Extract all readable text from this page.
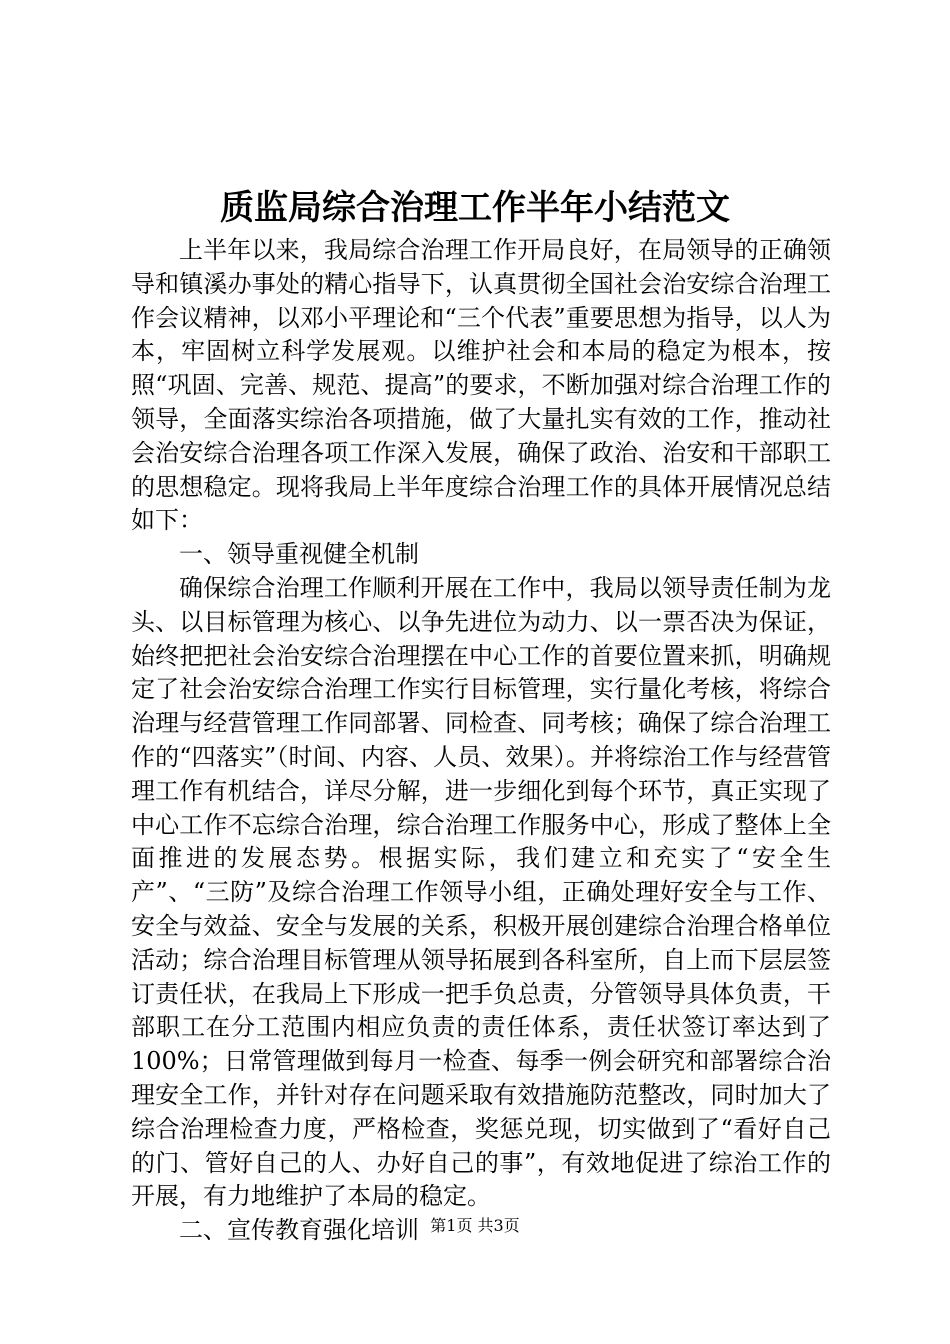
质监局综合治理工作半年小结范文

上半年以来，我局综合治理工作开局良好，在局领导的正确领导和镇溪办事处的精心指导下，认真贯彻全国社会治安综合治理工作会议精神，以邓小平理论和“三个代表”重要思想为指导，以人为本，牢固树立科学发展观。以维护社会和本局的稳定为根本，按照“巩固、完善、规范、提高”的要求，不断加强对综合治理工作的领导，全面落实综治各项措施，做了大量扎实有效的工作，推动社会治安综合治理各项工作深入发展，确保了政治、治安和干部职工的思想稳定。现将我局上半年度综合治理工作的具体开展情况总结如下：

一、领导重视健全机制

确保综合治理工作顺利开展在工作中，我局以领导责任制为龙头、以目标管理为核心、以争先进位为动力、以一票否决为保证，始终把把社会治安综合治理摆在中心工作的首要位置来抓，明确规定了社会治安综合治理工作实行目标管理，实行量化考核，将综合治理与经营管理工作同部署、同检查、同考核；确保了综合治理工作的“四落实”（时间、内容、人员、效果）。并将综治工作与经营管理工作有机结合，详尽分解，进一步细化到每个环节，真正实现了中心工作不忘综合治理，综合治理工作服务中心，形成了整体上全面推进的发展态势。根据实际，我们建立和充实了“安全生产”、“三防”及综合治理工作领导小组，正确处理好安全与工作、安全与效益、安全与发展的关系，积极开展创建综合治理合格单位活动；综合治理目标管理从领导拓展到各科室所，自上而下层层签订责任状，在我局上下形成一把手负总责，分管领导具体负责，干部职工在分工范围内相应负责的责任体系，责任状签订率达到了100%；日常管理做到每月一检查、每季一例会研究和部署综合治理安全工作，并针对存在问题采取有效措施防范整改，同时加大了综合治理检查力度，严格检查，奖惩兑现，切实做到了“看好自己的门、管好自己的人、办好自己的事”，有效地促进了综治工作的开展，有力地维护了本局的稳定。

二、宣传教育强化培训 第1页 共3页
